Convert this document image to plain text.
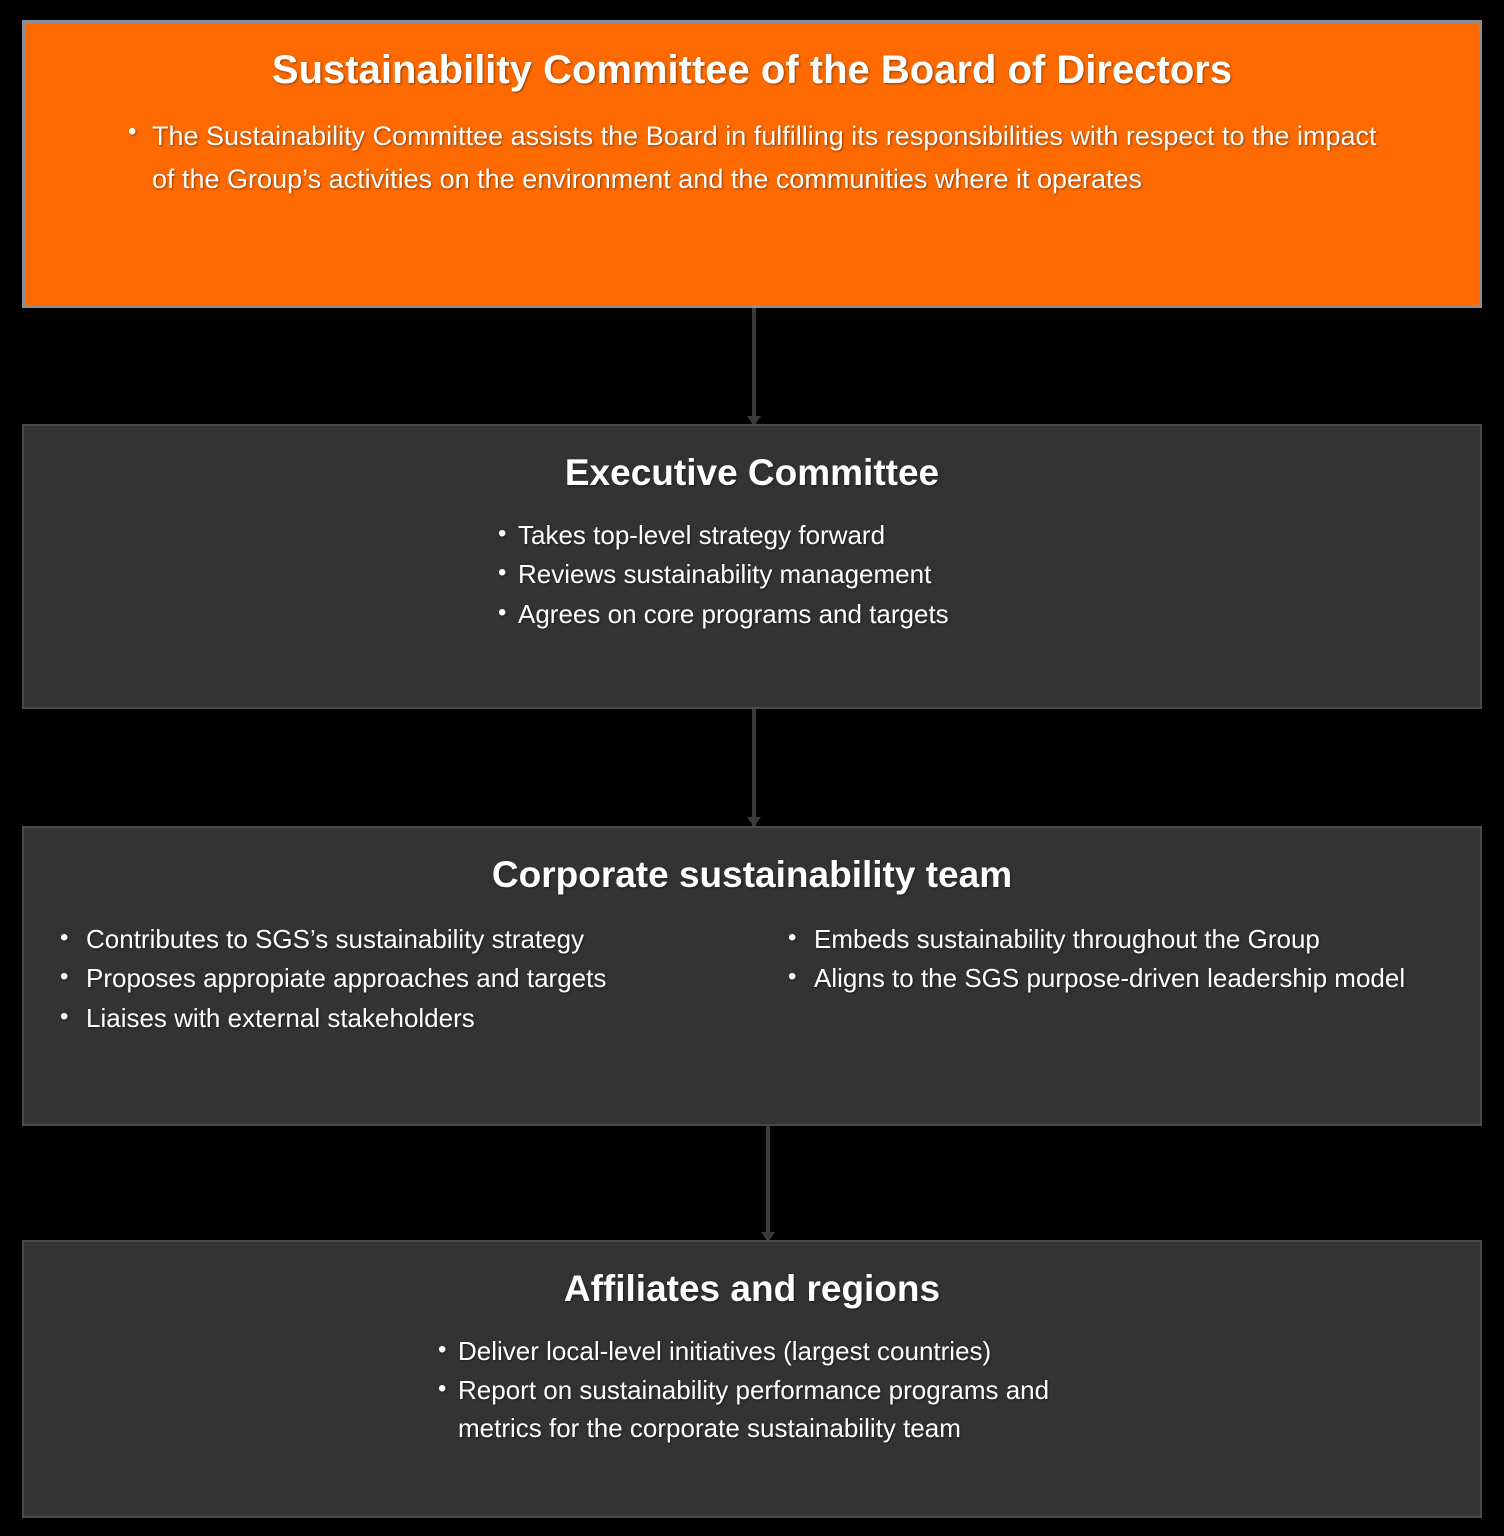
Sustainability Committee of the Board of Directors
• The Sustainability Committee assists the Board in fulfilling its responsibilities with respect to the impact of the Group’s activities on the environment and the communities where it operates
Executive Committee
• Takes top-level strategy forward
• Reviews sustainability management
• Agrees on core programs and targets
Corporate sustainability team
• Contributes to SGS’s sustainability strategy
• Proposes appropiate approaches and targets
• Liaises with external stakeholders
• Embeds sustainability throughout the Group
• Aligns to the SGS purpose-driven leadership model
Affiliates and regions
• Deliver local-level initiatives (largest countries)
• Report on sustainability performance programs and metrics for the corporate sustainability team
